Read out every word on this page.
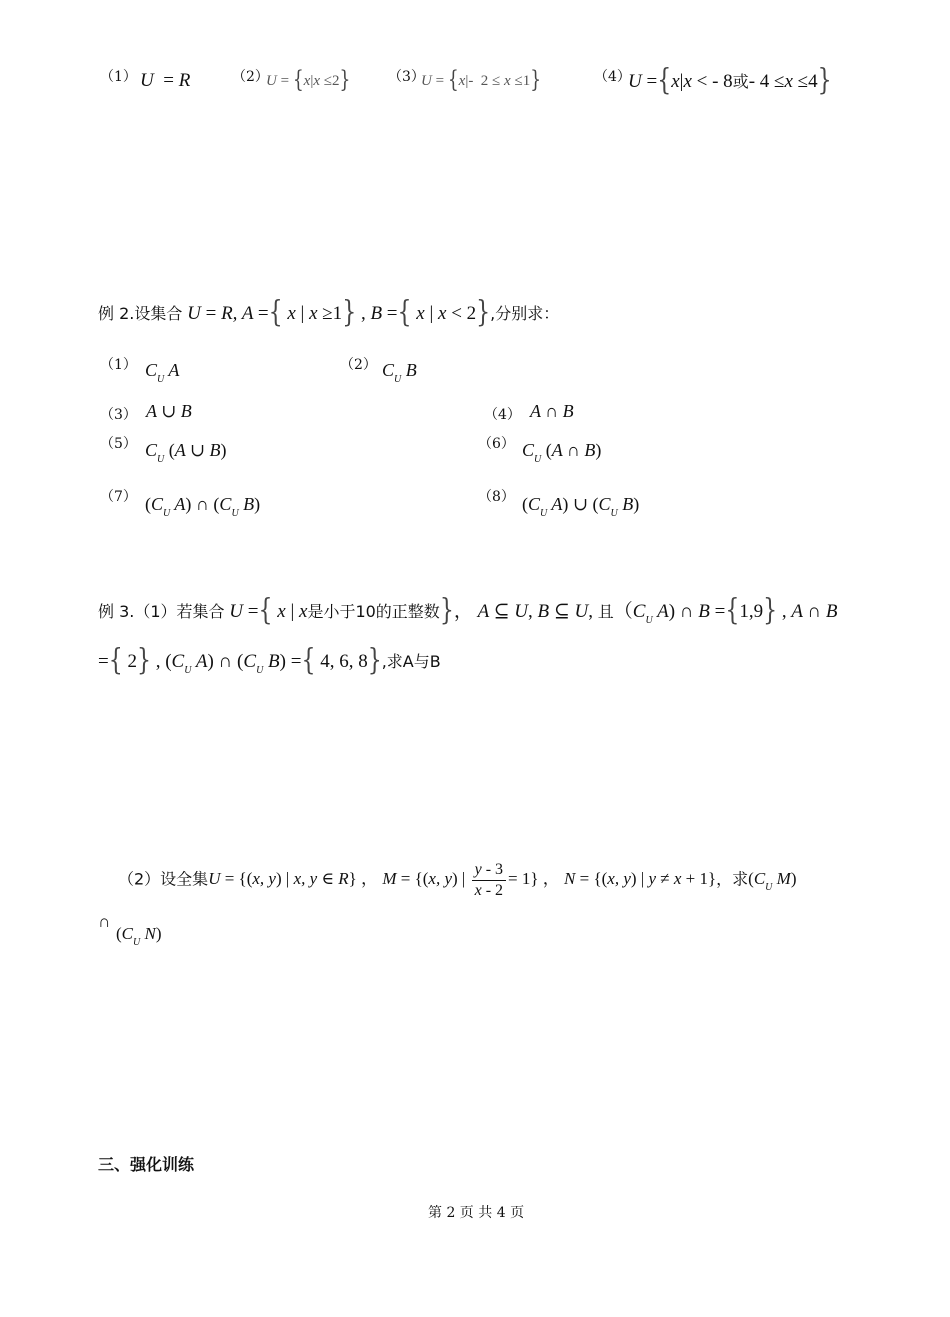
（1） U  = R	（2）
U = {x|x ≤2}	（3）
U = {x|-  2 ≤ x ≤1}	（4）
U ={x|x < - 8或- 4 ≤x ≤4}
例 2.设集合 U = R, A ={ x | x ≥1} , B ={ x | x < 2},分别求：
（1） $C_U$ A	（2） $C_U$ B
（3） A ∪ B	（4） A ∩ B
（5） $C_U$ (A ∪ B)	（6） $C_U$ (A ∩ B)
（7） ($C_U$ A) ∩ ($C_U$ B)	（8） ($C_U$ A) ∪ ($C_U$ B)
例 3.（1）若集合 U ={ x | x是小于10的正整数}， A ⊆ U, B ⊆ U, 且（$C_U$ A) ∩ B ={1,9} , A ∩ B
={ 2} , ($C_U$ A) ∩ ($C_U$ B) ={ 4, 6, 8},求A与B
（2）设全集U = {(x, y) | x, y ∈ R} ， M = {(x, y) | $\frac{y - 3}{x - 2} = 1$} ， N = {(x, y) | y ≠ x + 1}，求($C_U$ M)
∩
($C_U$ N)
三、强化训练
第 2 页 共 4 页
